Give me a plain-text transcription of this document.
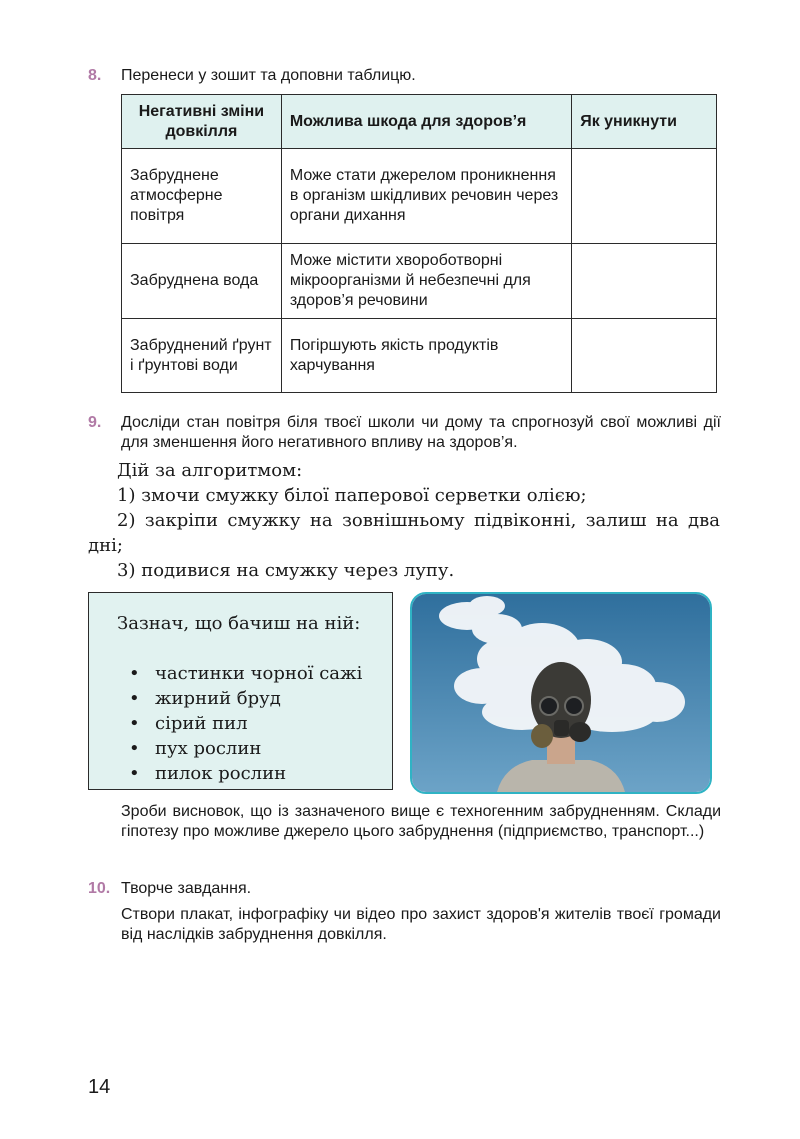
8. Перенеси у зошит та доповни таблицю.
Негативні зміни довкілля	Можлива шкода для здоров’я	Як уникнути
Забруднене атмосферне повітря	Може стати джерелом проникнення в організм шкідливих речовин через органи дихання	
Забруднена вода	Може містити хвороботворні мікроорганізми й небезпечні для здоров’я речовини	
Забруднений ґрунт і ґрунтові води	Погіршують якість продуктів харчування	
9.	Досліди стан повітря біля твоєї школи чи дому та спрогнозуй свої можливі дії для зменшення його негативного впливу на здоров’я.
Дій за алгоритмом:
1) змочи смужку білої паперової серветки олією;
2) закріпи смужку на зовнішньому підвіконні, залиш на два дні;
3) подивися на смужку через лупу.
Зазнач, що бачиш на ній:
• частинки чорної сажі
• жирний бруд
• сірий пил
• пух рослин
• пилок рослин
Зроби висновок, що із зазначеного вище є техногенним забрудненням. Склади гіпотезу про можливе джерело цього забруднення (підприємство, транспорт...)
10. Творче завдання.
Створи плакат, інфографіку чи відео про захист здоров'я жителів твоєї громади від наслідків забруднення довкілля.
14
